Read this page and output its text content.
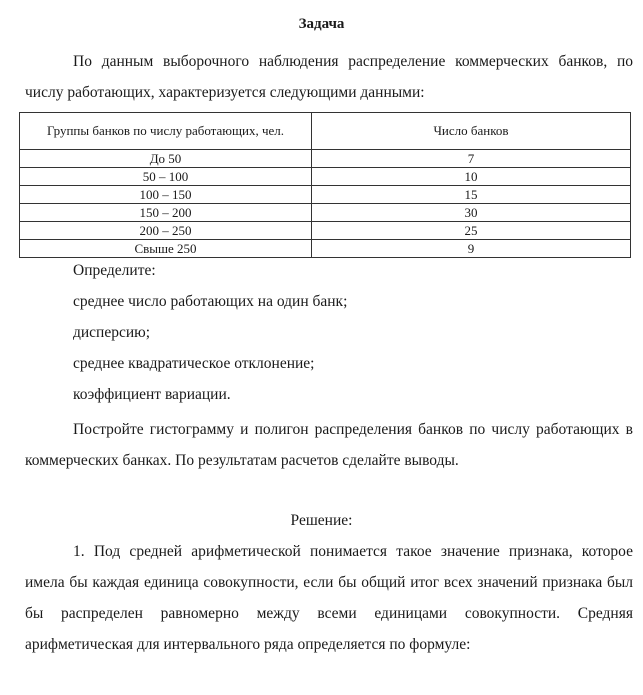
Задача

По данным выборочного наблюдения распределение коммерческих банков, по числу работающих, характеризуется следующими данными:

Группы банков по числу работающих, чел.	Число банков
До 50	7
50 – 100	10
100 – 150	15
150 – 200	30
200 – 250	25
Свыше 250	9

Определите:

среднее число работающих на один банк;

дисперсию;

среднее квадратическое отклонение;

коэффициент вариации.

Постройте гистограмму и полигон распределения банков по числу работающих в коммерческих банках. По результатам расчетов сделайте выводы.

Решение:

1. Под средней арифметической понимается такое значение признака, которое имела бы каждая единица совокупности, если бы общий итог всех значений признака был бы распределен равномерно между всеми единицами совокупности. Средняя арифметическая для интервального ряда определяется по формуле:
